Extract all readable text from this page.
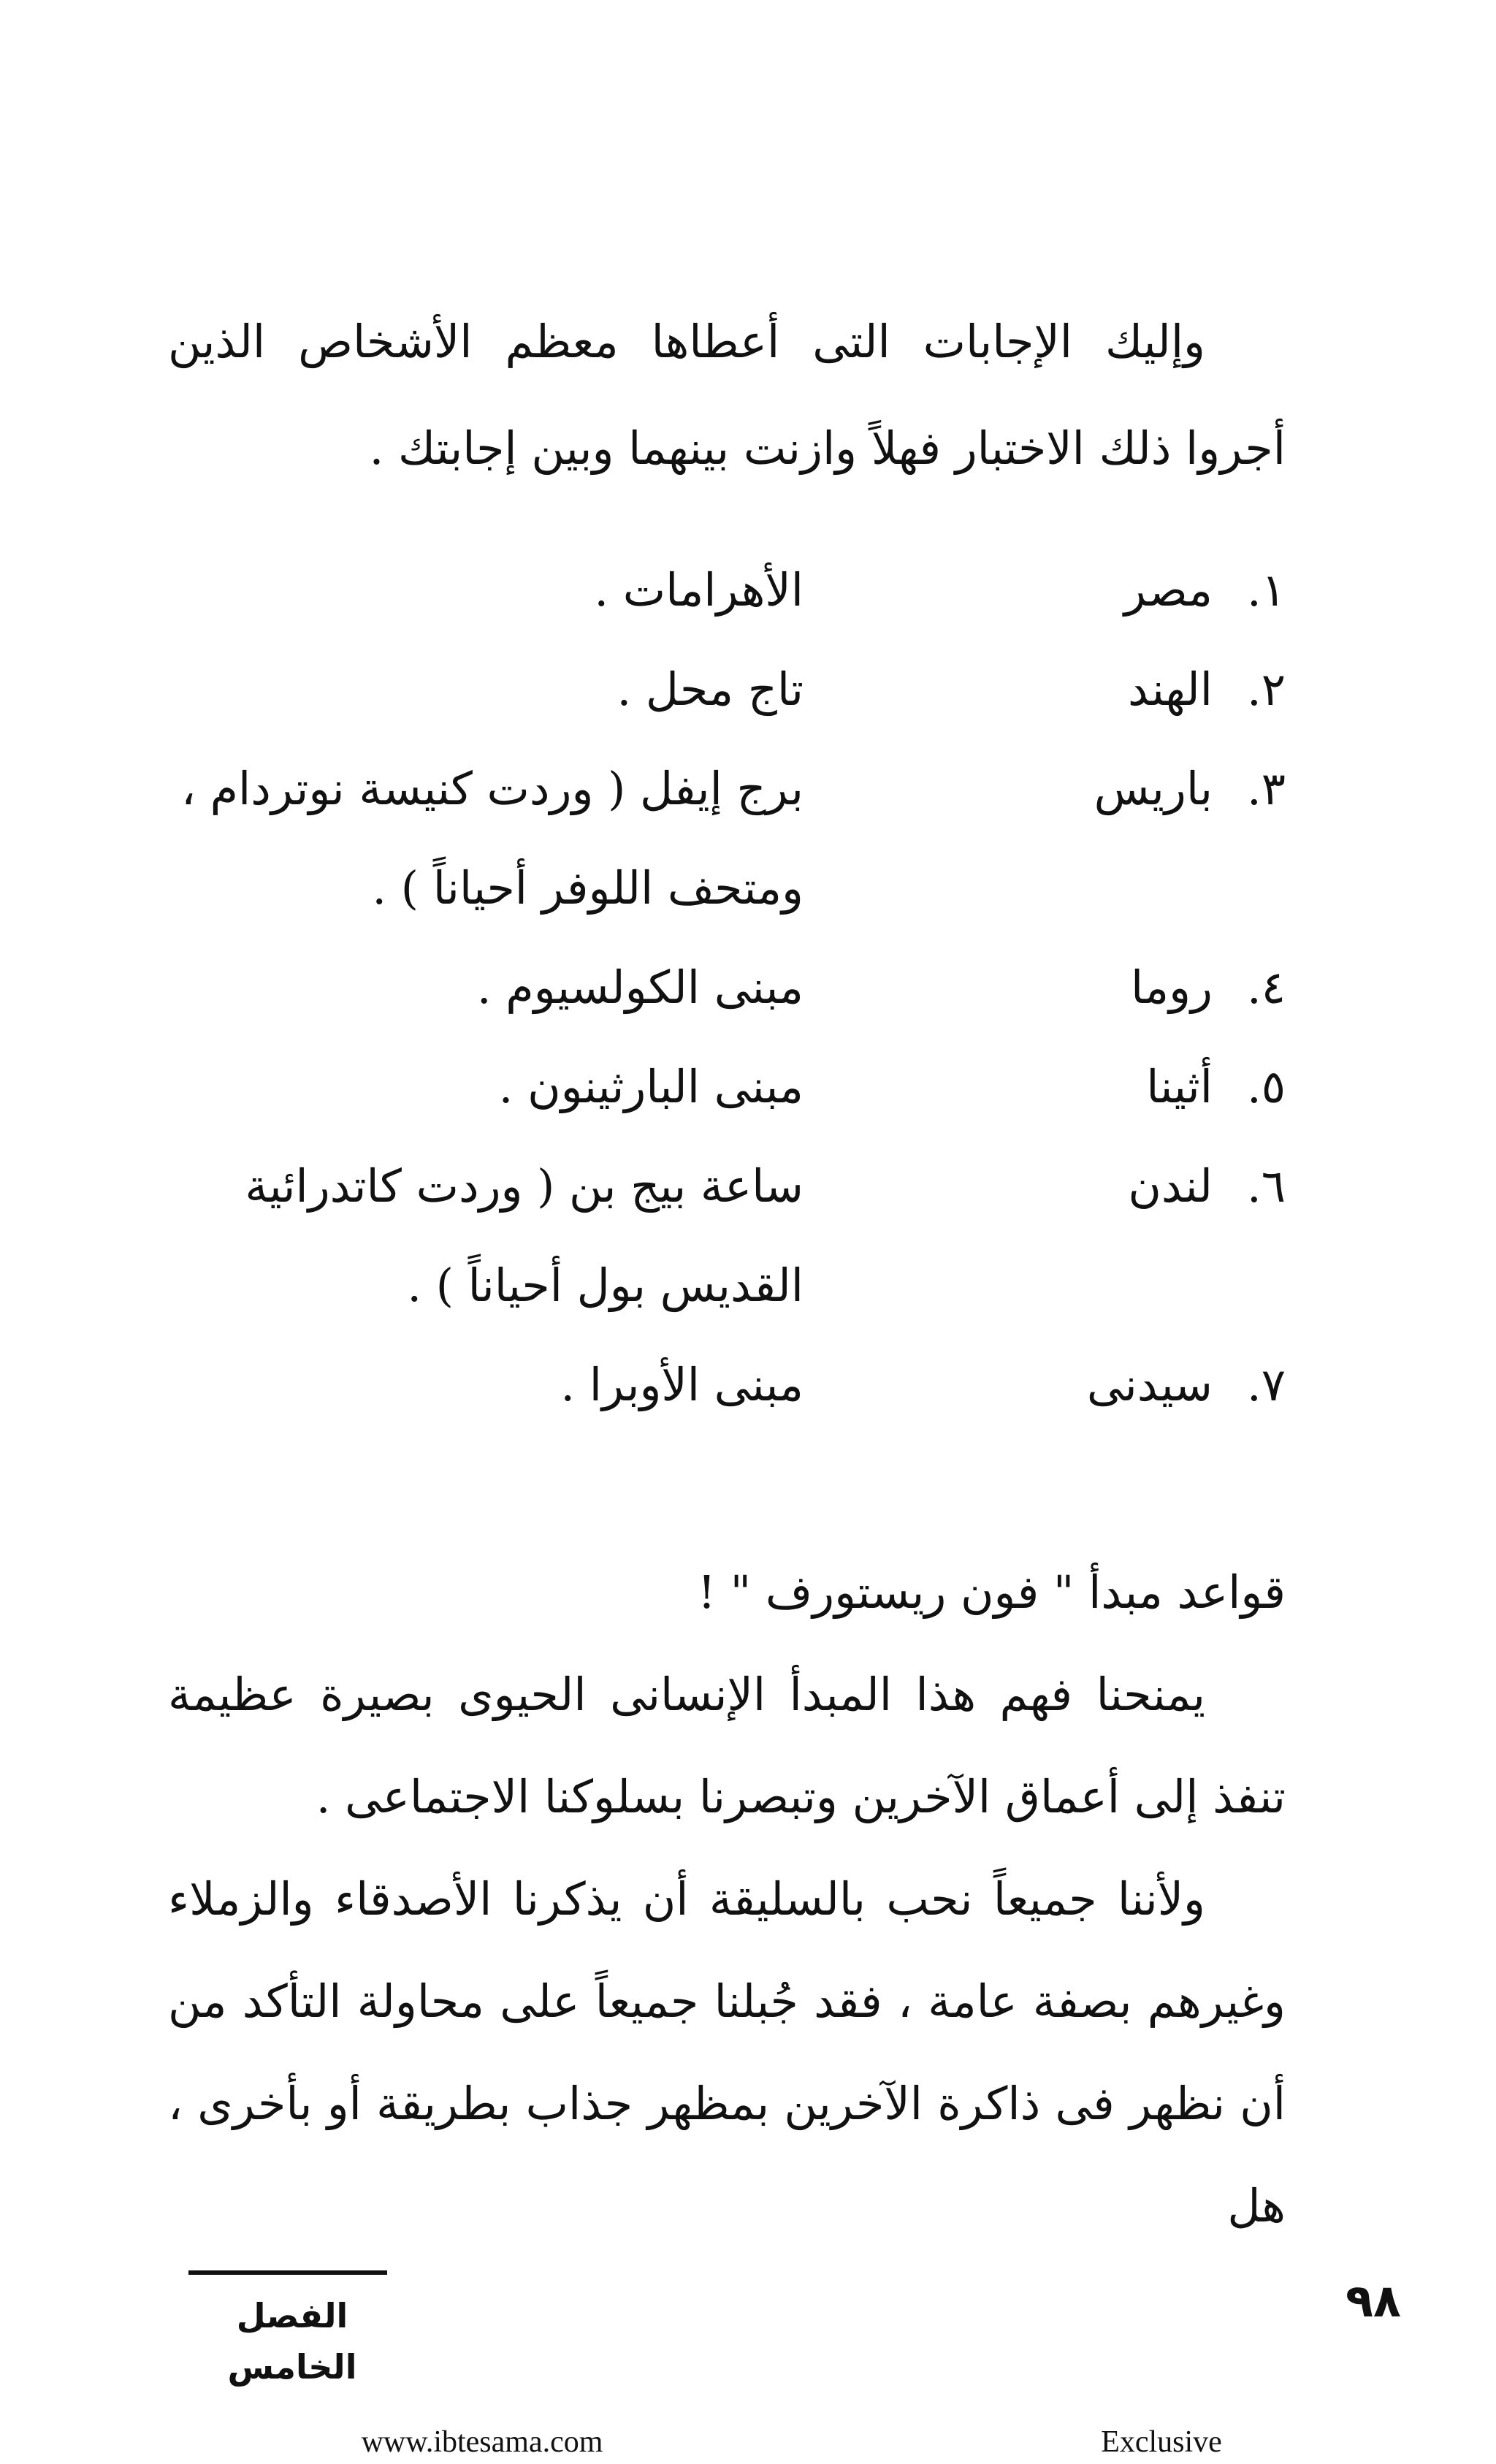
وإليك الإجابات التى أعطاها معظم الأشخاص الذين أجروا ذلك الاختبار فهلاً وازنت بينهما وبين إجابتك .

١.
مصر
الأهرامات .
٢.
الهند
تاج محل .
٣.
باريس
برج إيفل ( وردت كنيسة نوتردام ، ومتحف اللوفر أحياناً ) .
٤.
روما
مبنى الكولسيوم .
٥.
أثينا
مبنى البارثينون .
٦.
لندن
ساعة بيج بن ( وردت كاتدرائية القديس بول أحياناً ) .
٧.
سيدنى
مبنى الأوبرا .
قواعد مبدأ " فون ريستورف " !

يمنحنا فهم هذا المبدأ الإنسانى الحيوى بصيرة عظيمة تنفذ إلى أعماق الآخرين وتبصرنا بسلوكنا الاجتماعى .

ولأننا جميعاً نحب بالسليقة أن يذكرنا الأصدقاء والزملاء وغيرهم بصفة عامة ، فقد جُبلنا جميعاً على محاولة التأكد من أن نظهر فى ذاكرة الآخرين بمظهر جذاب بطريقة أو بأخرى ، هل

الفصل الخامس
٩٨
www.ibtesama.com	Exclusive
